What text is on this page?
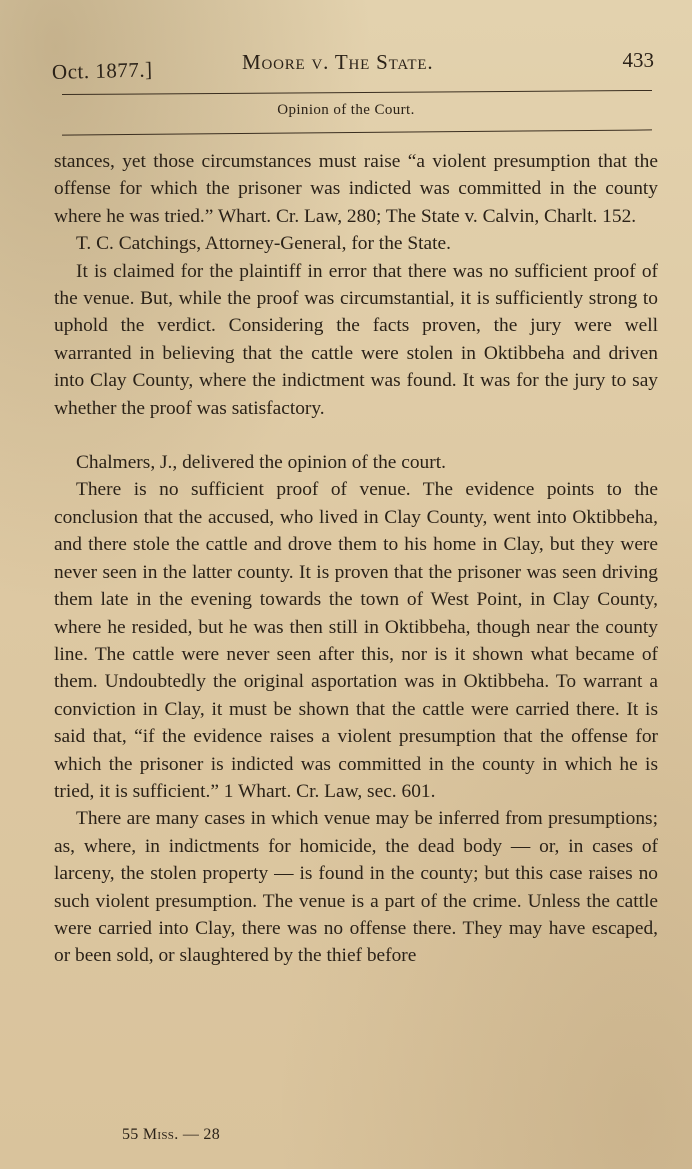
Oct. 1877.]	Moore v. The State.	433
Opinion of the Court.

stances, yet those circumstances must raise “a violent presumption that the offense for which the prisoner was indicted was committed in the county where he was tried.” Whart. Cr. Law, 280; The State v. Calvin, Charlt. 152.

T. C. Catchings, Attorney-General, for the State.

It is claimed for the plaintiff in error that there was no sufficient proof of the venue. But, while the proof was circumstantial, it is sufficiently strong to uphold the verdict. Considering the facts proven, the jury were well warranted in believing that the cattle were stolen in Oktibbeha and driven into Clay County, where the indictment was found. It was for the jury to say whether the proof was satisfactory.

Chalmers, J., delivered the opinion of the court.

There is no sufficient proof of venue. The evidence points to the conclusion that the accused, who lived in Clay County, went into Oktibbeha, and there stole the cattle and drove them to his home in Clay, but they were never seen in the latter county. It is proven that the prisoner was seen driving them late in the evening towards the town of West Point, in Clay County, where he resided, but he was then still in Oktibbeha, though near the county line. The cattle were never seen after this, nor is it shown what became of them. Undoubtedly the original asportation was in Oktibbeha. To warrant a conviction in Clay, it must be shown that the cattle were carried there. It is said that, “if the evidence raises a violent presumption that the offense for which the prisoner is indicted was committed in the county in which he is tried, it is sufficient.” 1 Whart. Cr. Law, sec. 601.

There are many cases in which venue may be inferred from presumptions; as, where, in indictments for homicide, the dead body — or, in cases of larceny, the stolen property — is found in the county; but this case raises no such violent presumption. The venue is a part of the crime. Unless the cattle were carried into Clay, there was no offense there. They may have escaped, or been sold, or slaughtered by the thief before

55 Miss. — 28
